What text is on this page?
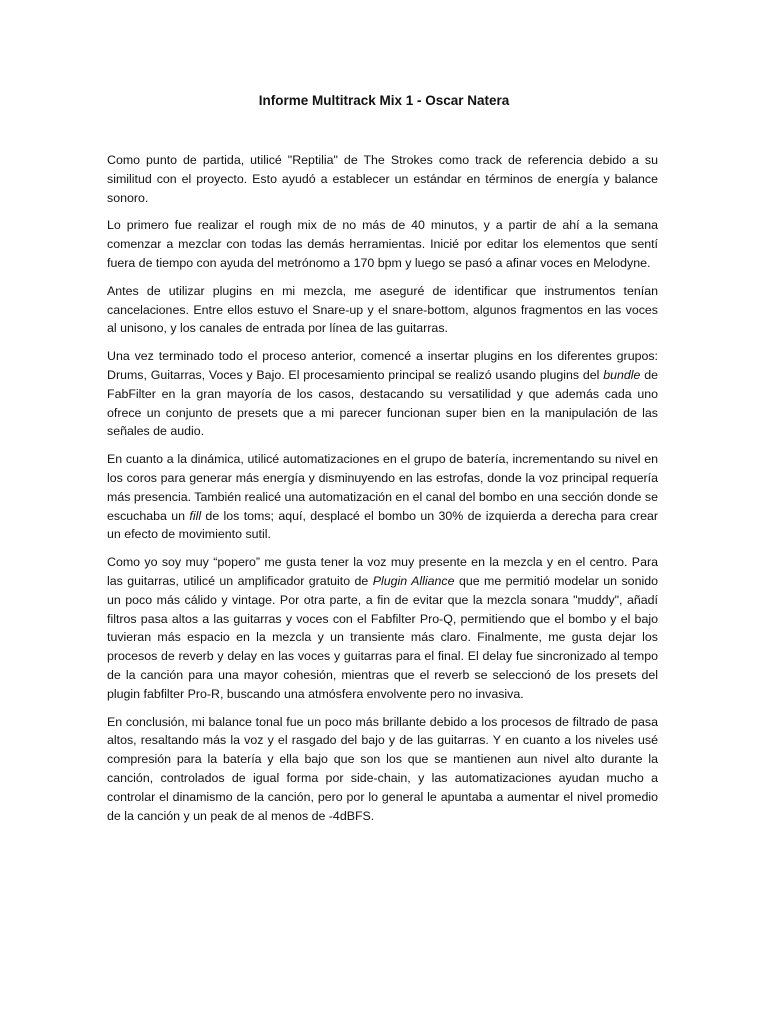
Informe Multitrack Mix 1 - Oscar Natera

Como punto de partida, utilicé "Reptilia" de The Strokes como track de referencia debido a su similitud con el proyecto. Esto ayudó a establecer un estándar en términos de energía y balance sonoro.

Lo primero fue realizar el rough mix de no más de 40 minutos, y a partir de ahí a la semana comenzar a mezclar con todas las demás herramientas. Inicié por editar los elementos que sentí fuera de tiempo con ayuda del metrónomo a 170 bpm y luego se pasó a afinar voces en Melodyne.

Antes de utilizar plugins en mi mezcla, me aseguré de identificar que instrumentos tenían cancelaciones. Entre ellos estuvo el Snare-up y el snare-bottom, algunos fragmentos en las voces al unisono, y los canales de entrada por línea de las guitarras.

Una vez terminado todo el proceso anterior, comencé a insertar plugins en los diferentes grupos: Drums, Guitarras, Voces y Bajo. El procesamiento principal se realizó usando plugins del bundle de FabFilter en la gran mayoría de los casos, destacando su versatilidad y que además cada uno ofrece un conjunto de presets que a mi parecer funcionan super bien en la manipulación de las señales de audio.

En cuanto a la dinámica, utilicé automatizaciones en el grupo de batería, incrementando su nivel en los coros para generar más energía y disminuyendo en las estrofas, donde la voz principal requería más presencia. También realicé una automatización en el canal del bombo en una sección donde se escuchaba un fill de los toms; aquí, desplacé el bombo un 30% de izquierda a derecha para crear un efecto de movimiento sutil.

Como yo soy muy “popero” me gusta tener la voz muy presente en la mezcla y en el centro. Para las guitarras, utilicé un amplificador gratuito de Plugin Alliance que me permitió modelar un sonido un poco más cálido y vintage. Por otra parte, a fin de evitar que la mezcla sonara "muddy", añadí filtros pasa altos a las guitarras y voces con el Fabfilter Pro-Q, permitiendo que el bombo y el bajo tuvieran más espacio en la mezcla y un transiente más claro. Finalmente, me gusta dejar los procesos de reverb y delay en las voces y guitarras para el final. El delay fue sincronizado al tempo de la canción para una mayor cohesión, mientras que el reverb se seleccionó de los presets del plugin fabfilter Pro-R, buscando una atmósfera envolvente pero no invasiva.

En conclusión, mi balance tonal fue un poco más brillante debido a los procesos de filtrado de pasa altos, resaltando más la voz y el rasgado del bajo y de las guitarras. Y en cuanto a los niveles usé compresión para la batería y ella bajo que son los que se mantienen aun nivel alto durante la canción, controlados de igual forma por side-chain, y las automatizaciones ayudan mucho a controlar el dinamismo de la canción, pero por lo general le apuntaba a aumentar el nivel promedio de la canción y un peak de al menos de -4dBFS.
